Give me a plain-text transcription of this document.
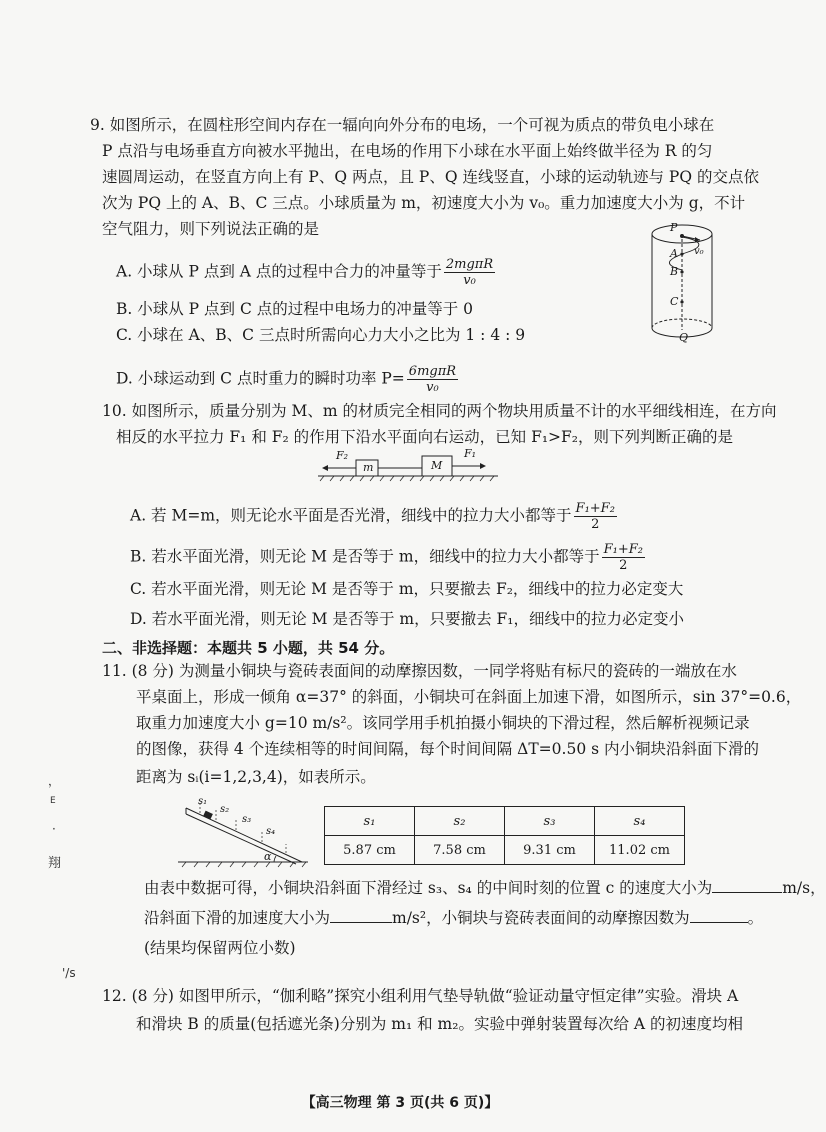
9. 如图所示，在圆柱形空间内存在一辐向向外分布的电场，一个可视为质点的带负电小球在
P 点沿与电场垂直方向被水平抛出，在电场的作用下小球在水平面上始终做半径为 R 的匀
速圆周运动，在竖直方向上有 P、Q 两点，且 P、Q 连线竖直，小球的运动轨迹与 PQ 的交点依
次为 PQ 上的 A、B、C 三点。小球质量为 m，初速度大小为 v₀。重力加速度大小为 g，不计
空气阻力，则下列说法正确的是
A. 小球从 P 点到 A 点的过程中合力的冲量等于 $\frac{\text{2mgπR}}{\text{v₀}}$
B. 小球从 P 点到 C 点的过程中电场力的冲量等于 0
C. 小球在 A、B、C 三点时所需向心力大小之比为 1 : 4 : 9
D. 小球运动到 C 点时重力的瞬时功率 $P= \frac{\text{6mgπR}}{\text{v₀}}$
P
A
B
C
Q
v₀
10. 如图所示，质量分别为 M、m 的材质完全相同的两个物块用质量不计的水平细线相连，在方向
相反的水平拉力 F₁ 和 F₂ 的作用下沿水平面向右运动，已知 F₁>F₂，则下列判断正确的是
F₂
m	M
F₁
A. 若 M=m，则无论水平面是否光滑，细线中的拉力大小都等于 $\frac{\text{F₁+F₂}}{2}$
B. 若水平面光滑，则无论 M 是否等于 m，细线中的拉力大小都等于 $\frac{\text{F₁+F₂}}{2}$
C. 若水平面光滑，则无论 M 是否等于 m，只要撤去 F₂，细线中的拉力必定变大
D. 若水平面光滑，则无论 M 是否等于 m，只要撤去 F₁，细线中的拉力必定变小
二、非选择题：本题共 5 小题，共 54 分。
11. (8 分) 为测量小铜块与瓷砖表面间的动摩擦因数，一同学将贴有标尺的瓷砖的一端放在水
平桌面上，形成一倾角 α=37° 的斜面，小铜块可在斜面上加速下滑，如图所示，sin 37°=0.6，
取重力加速度大小 g=10 m/s²。该同学用手机拍摄小铜块的下滑过程，然后解析视频记录
的图像，获得 4 个连续相等的时间间隔，每个时间间隔 ΔT=0.50 s 内小铜块沿斜面下滑的
距离为 sᵢ(i=1,2,3,4)，如表所示。
s₁
s₂
s₃
s₄
α
s₁	s₂	s₃	s₄
5.87 cm	7.58 cm	9.31 cm	11.02 cm
由表中数据可得，小铜块沿斜面下滑经过 s₃、s₄ 的中间时刻的位置 c 的速度大小为	m/s，
沿斜面下滑的加速度大小为	m/s²，小铜块与瓷砖表面间的动摩擦因数为	。
(结果均保留两位小数)
12. (8 分) 如图甲所示，“伽利略”探究小组利用气垫导轨做“验证动量守恒定律”实验。滑块 A
和滑块 B 的质量(包括遮光条)分别为 m₁ 和 m₂。实验中弹射装置每次给 A 的初速度均相
【高三物理 第 3 页(共 6 页)】
，
E
·
翔
'/s
